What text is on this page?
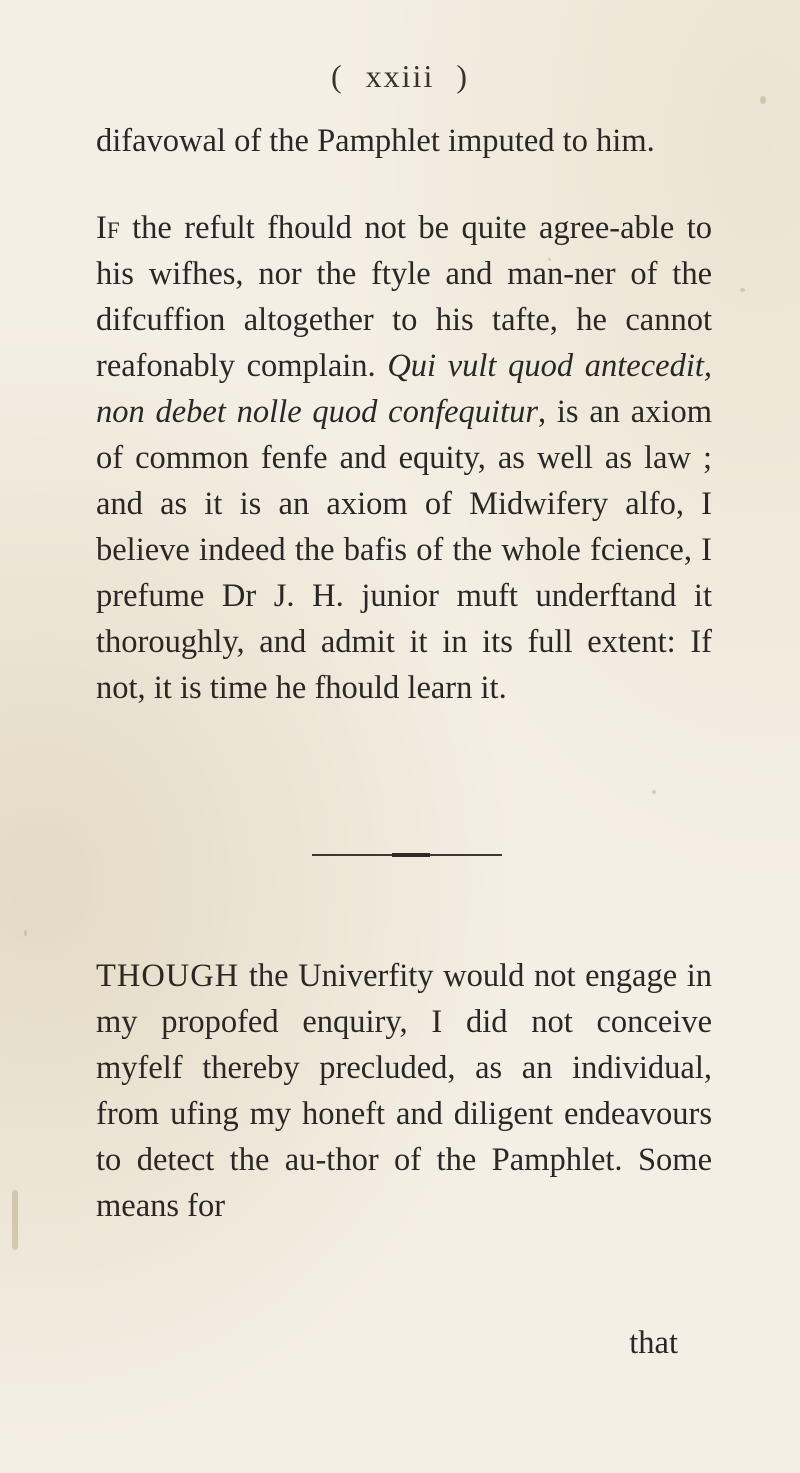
( xxiii )

difavowal of the Pamphlet imputed to him.

If the refult fhould not be quite agree-able to his wifhes, nor the ftyle and man-ner of the difcuffion altogether to his tafte, he cannot reafonably complain. Qui vult quod antecedit, non debet nolle quod confequitur, is an axiom of common fenfe and equity, as well as law ; and as it is an axiom of Midwifery alfo, I believe indeed the bafis of the whole fcience, I prefume Dr J. H. junior muft underftand it thoroughly, and admit it in its full extent: If not, it is time he fhould learn it.

THOUGH the Univerfity would not engage in my propofed enquiry, I did not conceive myfelf thereby precluded, as an individual, from ufing my honeft and diligent endeavours to detect the au-thor of the Pamphlet. Some means for

that
